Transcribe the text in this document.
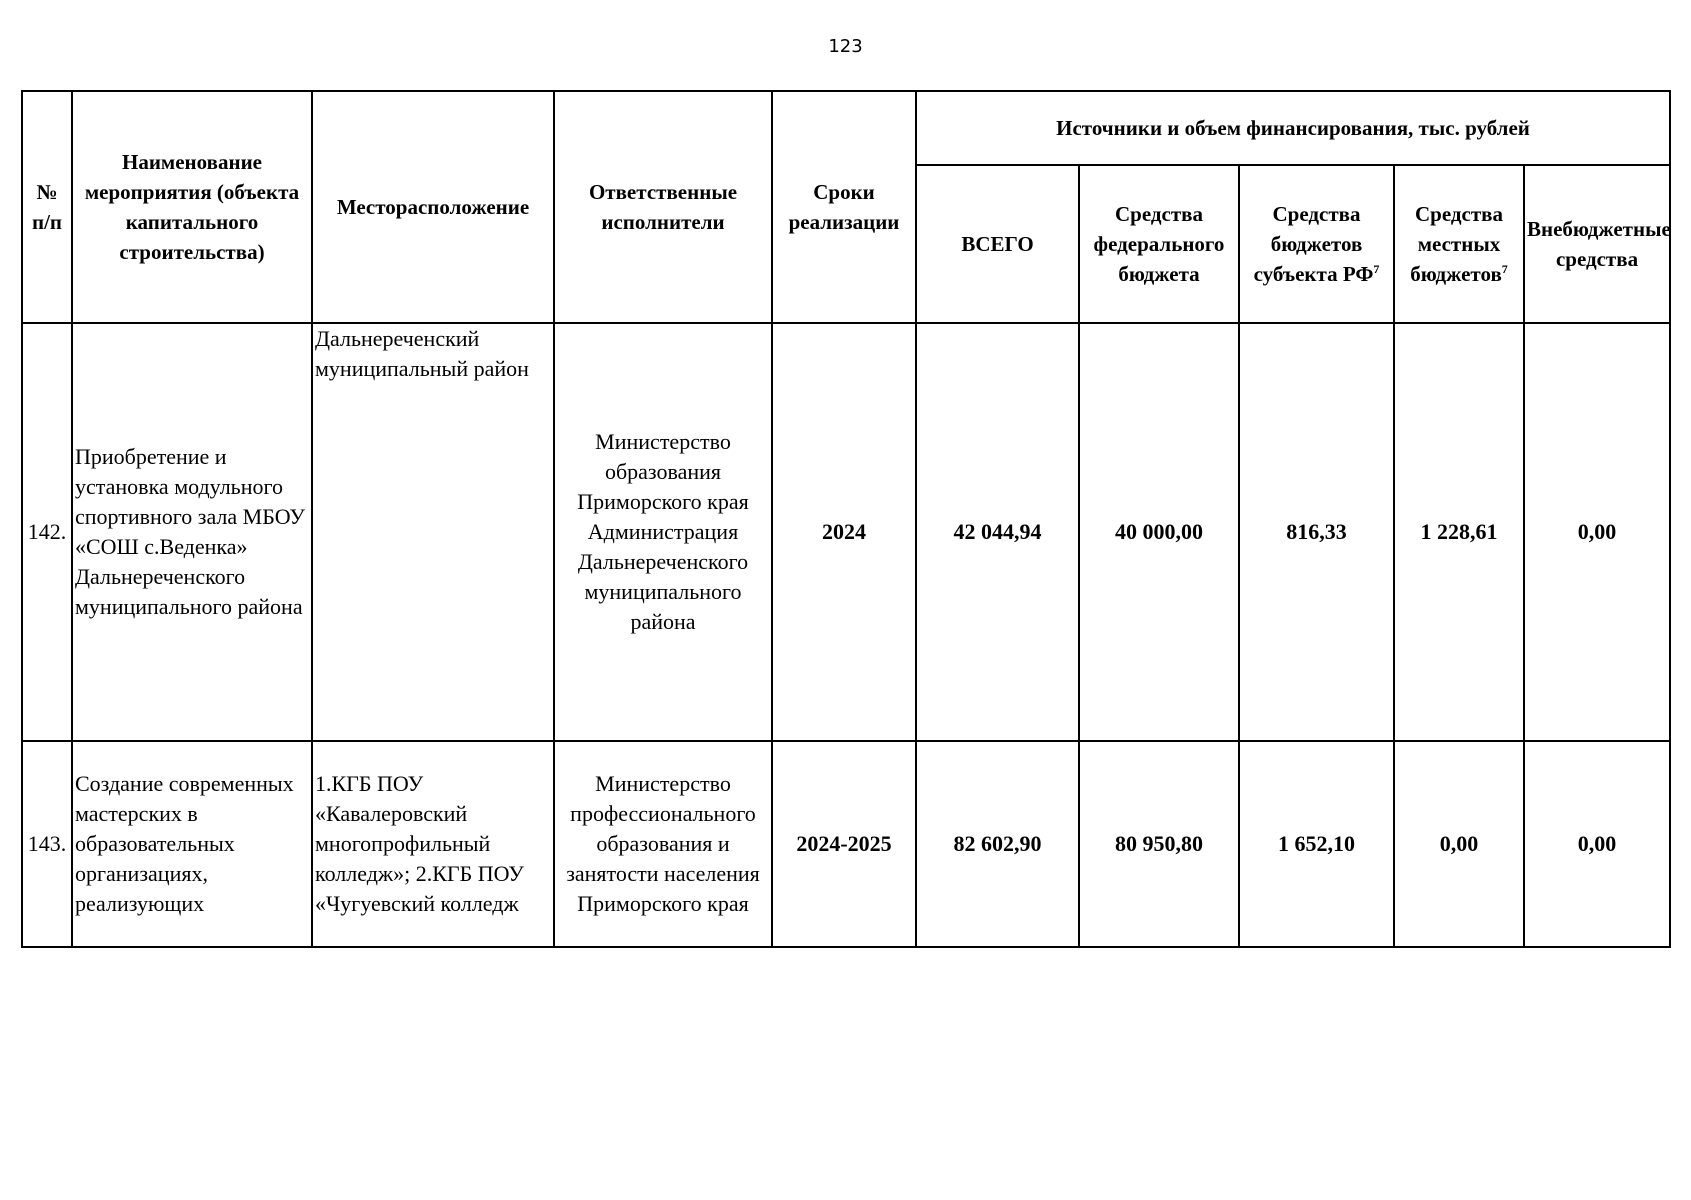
123
№ п/п	Наименование мероприятия (объекта капитального строительства)	Месторасположение	Ответственные исполнители	Сроки реализации	Источники и объем финансирования, тыс. рублей				
					ВСЕГО	Средства федерального бюджета	Средства бюджетов субъекта $РФ^7$	Средства местных бюджетов$^7$	Внебюджетные средства
142.	Приобретение и установка модульного спортивного зала МБОУ «СОШ с.Веденка» Дальнереченского муниципального района	Дальнереченский муниципальный район	Министерство образования Приморского края Администрация Дальнереченского муниципального района	2024	42 044,94	40 000,00	816,33	1 228,61	0,00
143.	Создание современных мастерских в образовательных организациях, реализующих	1.КГБ ПОУ «Кавалеровский многопрофильный колледж»; 2.КГБ ПОУ «Чугуевский колледж	Министерство профессионального образования и занятости населения Приморского края	2024-2025	82 602,90	80 950,80	1 652,10	0,00	0,00
